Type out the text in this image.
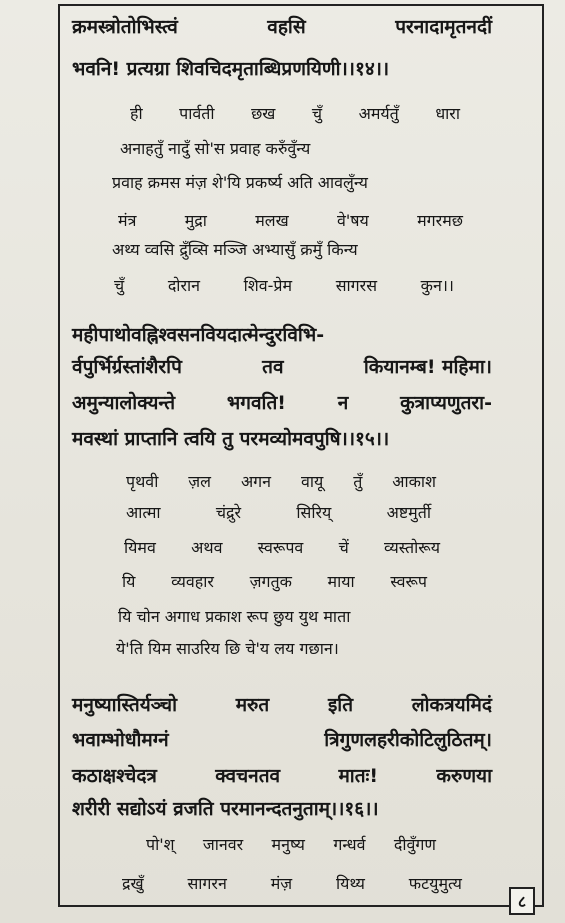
क्रमस्त्रोतोभिस्त्वं	वहसि	परनादामृतनदीं
भवनि! प्रत्यग्रा शिवचिदमृताब्धिप्रणयिणी।।१४।।
ही पार्वती छख चुँ अमर्यतुँ धारा
अनाहतुँ नादुँ सो'स प्रवाह करुँवुँन्य
प्रवाह क्रमस मंज़ शे'यि प्रकर्ष्य अति आवलुँन्य
मंत्र	मुद्रा	मलख	वे'षय	मगरमछ
अथ्य व्वसि द्रुँव्सि मञ्जि अभ्यासुँ क्रमुँ किन्य
चुँ	दोरान	शिव-प्रेम	सागरस	कुन।।
महीपाथोवह्निश्वसनवियदात्मेन्दुरविभि-
र्वपुर्भिर्ग्रस्तांशैरपि	तव	कियानम्ब! महिमा।
अमुन्यालोक्यन्ते	भगवति!	न	कुत्राप्यणुतरा-
मवस्थां प्राप्तानि त्वयि तु परमव्योमवपुषि।।१५।।
पृथवी ज़ल अगन वायू तुँ आकाश
आत्मा	चंद्रुरे	सिरिय्	अष्टमुर्ती
यिमव अथव स्वरूपव चें व्यस्तोरूय
यि व्यवहार ज़गतुक माया स्वरूप
यि चोन अगाध प्रकाश रूप छुय युथ माता
ये'ति यिम साउरिय छि चे'य लय गछान।
मनुष्यास्तिर्यञ्चो	मरुत	इति	लोकत्रयमिदं
भवाम्भोधौमग्नं	त्रिगुणलहरीकोटिलुठितम्।
कठाक्षश्चेदत्र	क्वचनतव	मातः!	करुणया
शरीरी सद्योऽयं व्रजति परमानन्दतनुताम्।।१६।।
पो'श् जानवर मनुष्य गन्धर्व दीवुँगण
द्रखुँ	सागरन	मंज़	यिथ्य	फटयुमुत्य
८
